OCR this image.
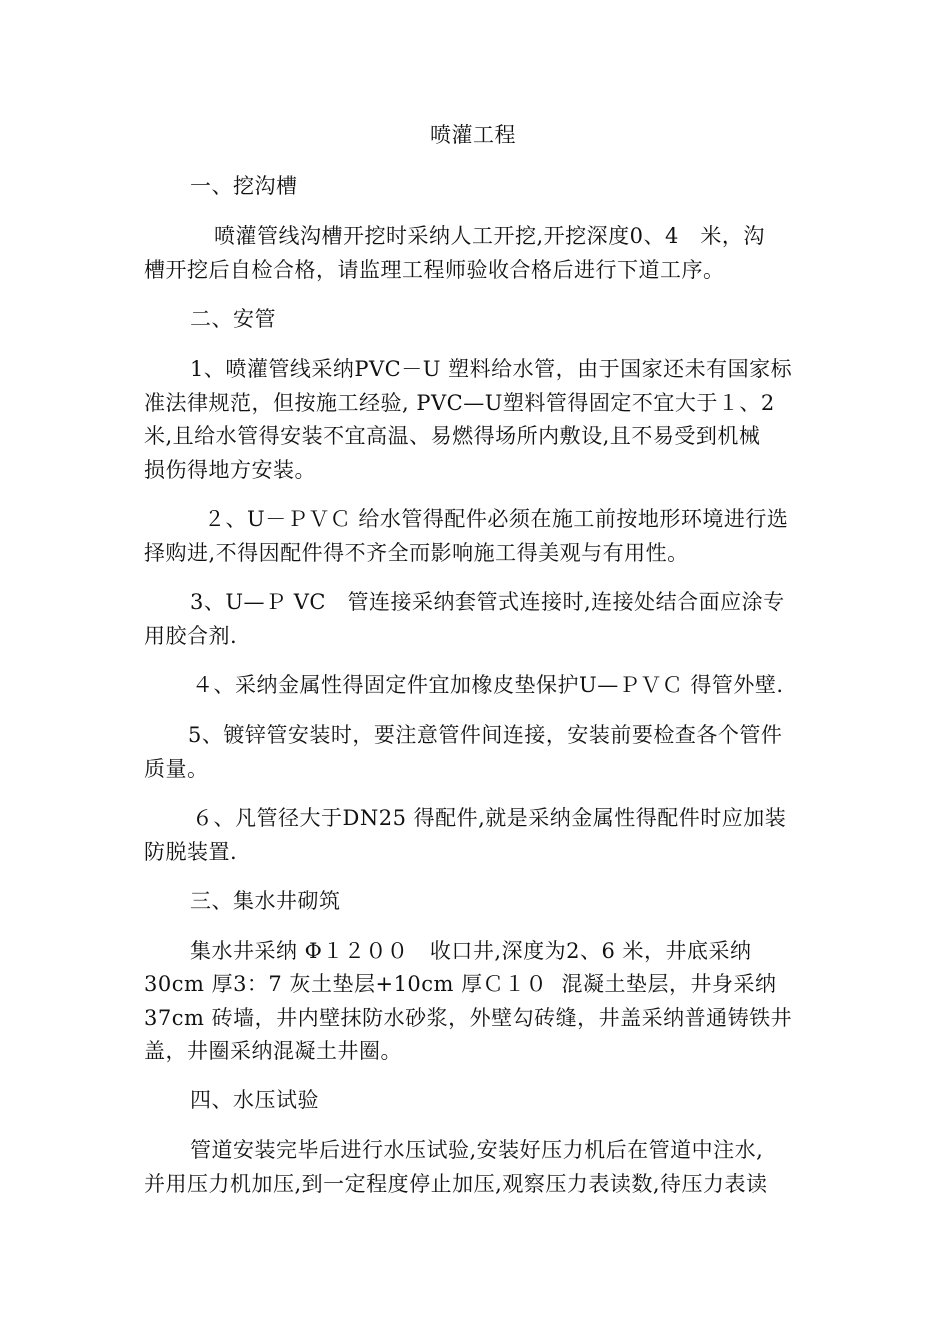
喷灌工程
一、挖沟槽
喷灌管线沟槽开挖时采纳人工开挖,开挖深度0、4   米，沟
槽开挖后自检合格，请监理工程师验收合格后进行下道工序。
二、安管
1、喷灌管线采纳PVC－U 塑料给水管，由于国家还未有国家标
准法律规范，但按施工经验, PVC—U塑料管得固定不宜大于１、2
米,且给水管得安装不宜高温、易燃得场所内敷设,且不易受到机械
损伤得地方安装。
２、U－ＰＶＣ 给水管得配件必须在施工前按地形环境进行选
择购进,不得因配件得不齐全而影响施工得美观与有用性。
3、U—Ｐ VC   管连接采纳套管式连接时,连接处结合面应涂专
用胶合剂.
４、采纳金属性得固定件宜加橡皮垫保护U—ＰＶＣ 得管外壁.
5、镀锌管安装时，要注意管件间连接，安装前要检查各个管件
质量。
６、凡管径大于DN25 得配件,就是采纳金属性得配件时应加装
防脱装置.
三、集水井砌筑
集水井采纳 Φ１２００   收口井,深度为2、6 米，井底采纳
30cm 厚3：7 灰土垫层+10cm 厚Ｃ１０  混凝土垫层，井身采纳
37cm 砖墙，井内壁抹防水砂浆，外壁勾砖缝，井盖采纳普通铸铁井
盖，井圈采纳混凝土井圈。
四、水压试验
管道安装完毕后进行水压试验,安装好压力机后在管道中注水,
并用压力机加压,到一定程度停止加压,观察压力表读数,待压力表读
